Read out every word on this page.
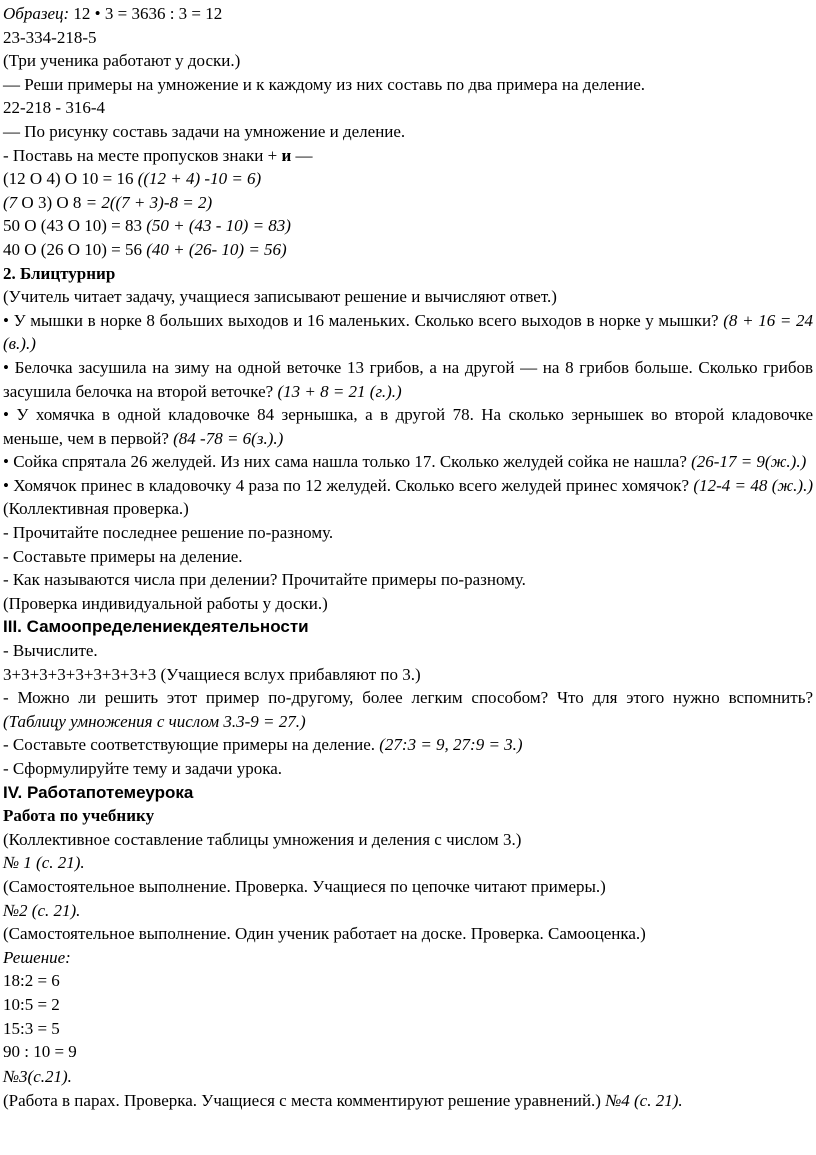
Образец: 12 • 3 = 3636 : 3 = 12
23-334-218-5
(Три ученика работают у доски.)
— Реши примеры на умножение и к каждому из них составь по два примера на деление.
22-218 - 316-4
— По рисунку составь задачи на умножение и деление.
- Поставь на месте пропусков знаки + и —
(12 О 4) О 10 = 16 ((12 + 4) -10 = 6)
(7 О 3) О 8 = 2((7 + 3)-8 = 2)
50 О (43 О 10) = 83 (50 + (43 - 10) = 83)
40 О (26 О 10) = 56 (40 + (26- 10) = 56)
2. Блицтурнир
(Учитель читает задачу, учащиеся записывают решение и вычисляют ответ.)
• У мышки в норке 8 больших выходов и 16 маленьких. Сколько всего выходов в норке у мышки? (8 + 16 = 24 (в.).)
• Белочка засушила на зиму на одной веточке 13 грибов, а на другой — на 8 грибов больше. Сколько грибов засушила белочка на второй веточке? (13 + 8 = 21 (г.).)
• У хомячка в одной кладовочке 84 зернышка, а в другой 78. На сколько зернышек во второй кладовочке меньше, чем в первой? (84 -78 = 6(з.).)
• Сойка спрятала 26 желудей. Из них сама нашла только 17. Сколько желудей сойка не нашла? (26-17 = 9(ж.).)
• Хомячок принес в кладовочку 4 раза по 12 желудей. Сколько всего желудей принес хомячок? (12-4 = 48 (ж.).)(Коллективная проверка.)
- Прочитайте последнее решение по-разному.
- Составьте примеры на деление.
- Как называются числа при делении? Прочитайте примеры по-разному.
(Проверка индивидуальной работы у доски.)
III. Самоопределениекдеятельности
- Вычислите.
3+3+3+3+3+3+3+3+3 (Учащиеся вслух прибавляют по 3.)
- Можно ли решить этот пример по-другому, более легким способом? Что для этого нужно вспомнить? (Таблицу умножения с числом 3.3-9 = 27.)
- Составьте соответствующие примеры на деление. (27:3 = 9, 27:9 = 3.)
- Сформулируйте тему и задачи урока.
IV. Работапотемеурока
Работа по учебнику
(Коллективное составление таблицы умножения и деления с числом 3.)
№ 1 (с. 21).
(Самостоятельное выполнение. Проверка. Учащиеся по цепочке читают примеры.)
№2 (с. 21).
(Самостоятельное выполнение. Один ученик работает на доске. Проверка. Самооценка.)
Решение:
18:2 = 6
10:5 = 2
15:3 = 5
90 : 10 = 9
№3(с.21).
(Работа в парах. Проверка. Учащиеся с места комментируют решение уравнений.) №4 (с. 21).
